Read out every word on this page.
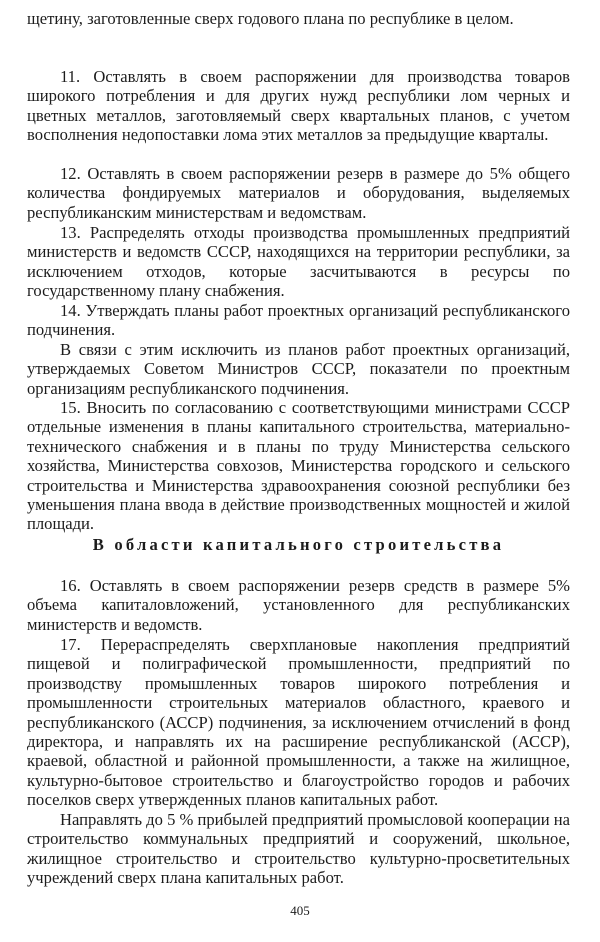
щетину, заготовленные сверх годового плана по республике в целом.

11. Оставлять в своем распоряжении для производства товаров широкого потребления и для других нужд республики лом черных и цветных металлов, заготовляемый сверх квартальных планов, с учетом восполнения недопоставки лома этих металлов за предыдущие кварталы.

12. Оставлять в своем распоряжении резерв в размере до 5% общего количества фондируемых материалов и оборудования, выделяемых республиканским министерствам и ведомствам.

13. Распределять отходы производства промышленных предприятий министерств и ведомств СССР, находящихся на территории республики, за исключением отходов, которые засчитываются в ресурсы по государственному плану снабжения.

14. Утверждать планы работ проектных организаций республиканского подчинения.

В связи с этим исключить из планов работ проектных организаций, утверждаемых Советом Министров СССР, показатели по проектным организациям республиканского подчинения.

15. Вносить по согласованию с соответствующими министрами СССР отдельные изменения в планы капитального строительства, материально-технического снабжения и в планы по труду Министерства сельского хозяйства, Министерства совхозов, Министерства городского и сельского строительства и Министерства здравоохранения союзной республики без уменьшения плана ввода в действие производственных мощностей и жилой площади.

В области капитального строительства

16. Оставлять в своем распоряжении резерв средств в размере 5% объема капиталовложений, установленного для республиканских министерств и ведомств.

17. Перераспределять сверхплановые накопления предприятий пищевой и полиграфической промышленности, предприятий по производству промышленных товаров широкого потребления и промышленности строительных материалов областного, краевого и республиканского (АССР) подчинения, за исключением отчислений в фонд директора, и направлять их на расширение республиканской (АССР), краевой, областной и районной промышленности, а также на жилищное, культурно-бытовое строительство и благоустройство городов и рабочих поселков сверх утвержденных планов капитальных работ.

Направлять до 5 % прибылей предприятий промысловой кооперации на строительство коммунальных предприятий и сооружений, школьное, жилищное строительство и строительство культурно-просветительных учреждений сверх плана капитальных работ.

405
